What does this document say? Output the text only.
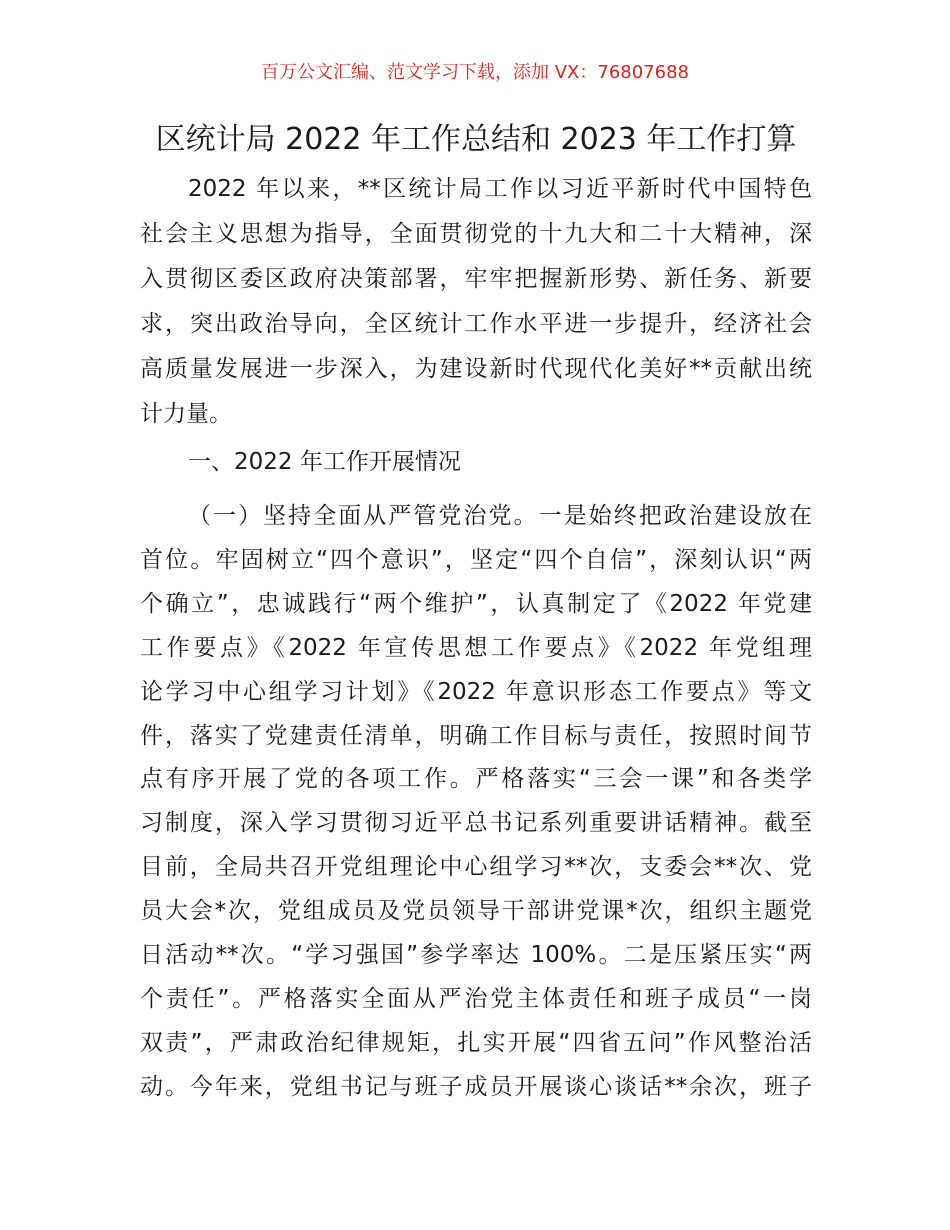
百万公文汇编、范文学习下载，添加 VX：76807688
区统计局 2022 年工作总结和 2023 年工作打算
2022 年以来，**区统计局工作以习近平新时代中国特色
社会主义思想为指导，全面贯彻党的十九大和二十大精神，深
入贯彻区委区政府决策部署，牢牢把握新形势、新任务、新要
求，突出政治导向，全区统计工作水平进一步提升，经济社会
高质量发展进一步深入，为建设新时代现代化美好**贡献出统
计力量。
一、2022 年工作开展情况
（一）坚持全面从严管党治党。一是始终把政治建设放在
首位。牢固树立“四个意识”，坚定“四个自信”，深刻认识“两
个确立”，忠诚践行“两个维护”，认真制定了《2022 年党建
工作要点》《2022 年宣传思想工作要点》《2022 年党组理
论学习中心组学习计划》《2022 年意识形态工作要点》等文
件，落实了党建责任清单，明确工作目标与责任，按照时间节
点有序开展了党的各项工作。严格落实“三会一课”和各类学
习制度，深入学习贯彻习近平总书记系列重要讲话精神。截至
目前，全局共召开党组理论中心组学习**次，支委会**次、党
员大会*次，党组成员及党员领导干部讲党课*次，组织主题党
日活动**次。“学习强国”参学率达 100%。二是压紧压实“两
个责任”。严格落实全面从严治党主体责任和班子成员“一岗
双责”，严肃政治纪律规矩，扎实开展“四省五问”作风整治活
动。今年来，党组书记与班子成员开展谈心谈话**余次，班子
